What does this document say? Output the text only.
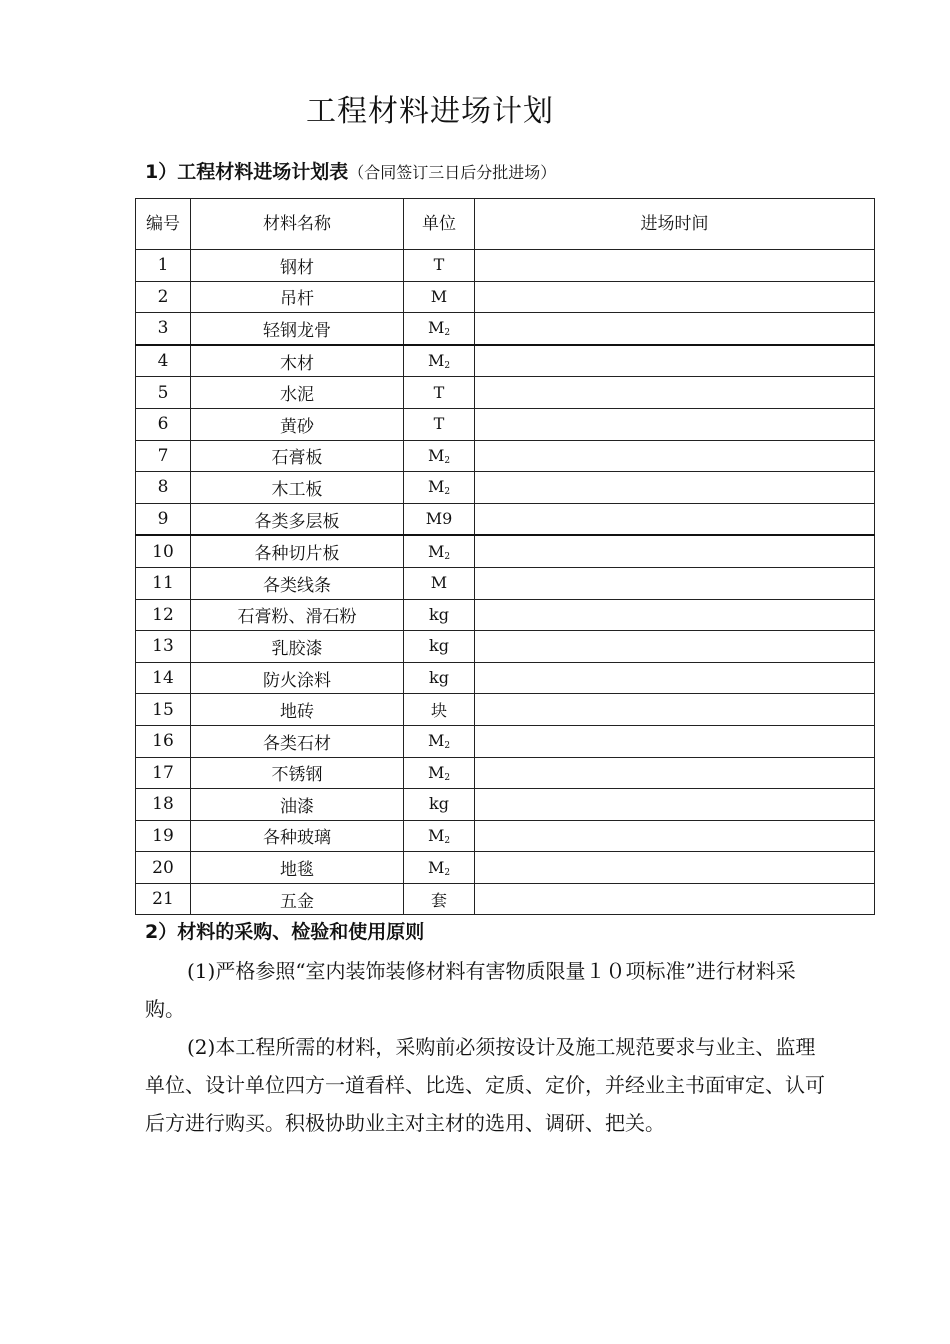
工程材料进场计划
1）工程材料进场计划表（合同签订三日后分批进场）
编号	材料名称	单位	进场时间
1	钢材	T	
2	吊杆	M	
3	轻钢龙骨	M2	
4	木材	M2	
5	水泥	T	
6	黄砂	T	
7	石膏板	M2	
8	木工板	M2	
9	各类多层板	M9	
10	各种切片板	M2	
11	各类线条	M	
12	石膏粉、滑石粉	kg	
13	乳胶漆	kg	
14	防火涂料	kg	
15	地砖	块	
16	各类石材	M2	
17	不锈钢	M2	
18	油漆	kg	
19	各种玻璃	M2	
20	地毯	M2	
21	五金	套	
2）材料的采购、检验和使用原则

(1)严格参照“室内装饰装修材料有害物质限量１０项标准”进行材料采购。

(2)本工程所需的材料，采购前必须按设计及施工规范要求与业主、监理单位、设计单位四方一道看样、比选、定质、定价，并经业主书面审定、认可后方进行购买。积极协助业主对主材的选用、调研、把关。
